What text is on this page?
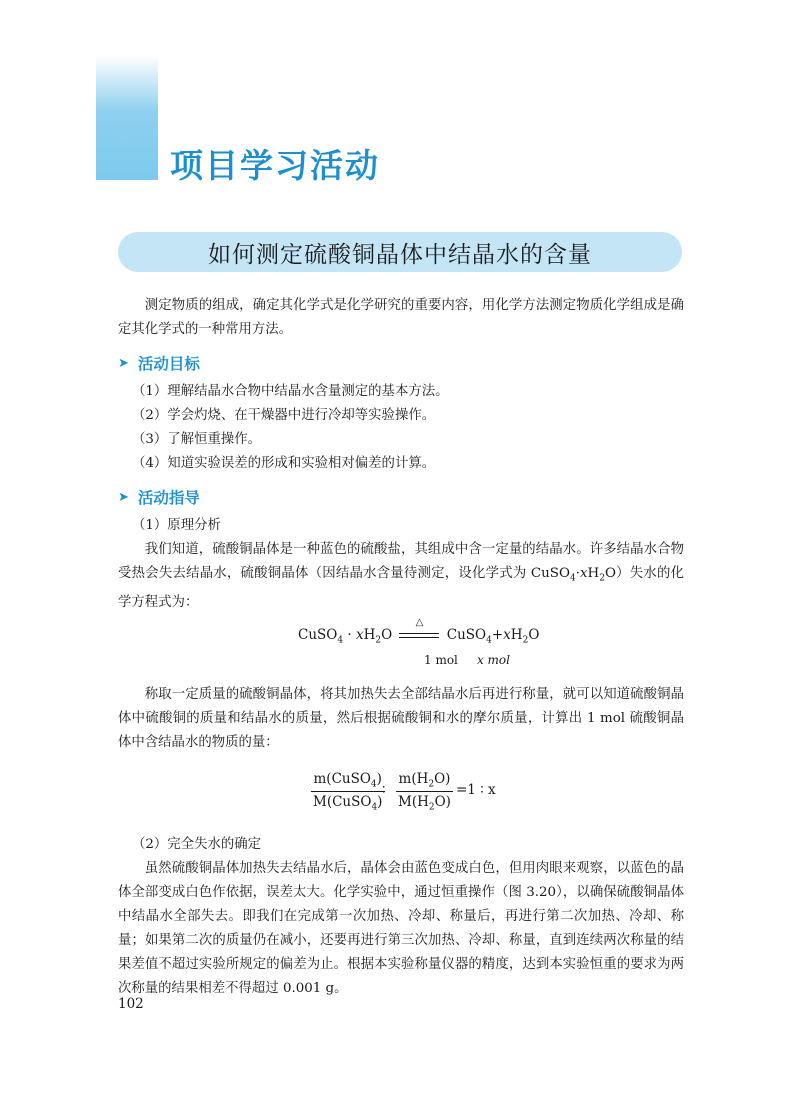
项目学习活动
如何测定硫酸铜晶体中结晶水的含量

测定物质的组成，确定其化学式是化学研究的重要内容，用化学方法测定物质化学组成是确定其化学式的一种常用方法。

➤ 活动目标
（1）理解结晶水合物中结晶水含量测定的基本方法。
（2）学会灼烧、在干燥器中进行冷却等实验操作。
（3）了解恒重操作。
（4）知道实验误差的形成和实验相对偏差的计算。
➤ 活动指导
（1）原理分析

我们知道，硫酸铜晶体是一种蓝色的硫酸盐，其组成中含一定量的结晶水。许多结晶水合物受热会失去结晶水，硫酸铜晶体（因结晶水含量待测定，设化学式为 $CuSO_4\cdot xH_2O$）失水的化学方程式为：

CuSO$_4$ · $xH_2O$
△
$CuSO_4+xH_2O$
1 mol x mol

称取一定质量的硫酸铜晶体，将其加热失去全部结晶水后再进行称量，就可以知道硫酸铜晶体中硫酸铜的质量和结晶水的质量，然后根据硫酸铜和水的摩尔质量，计算出 1 mol 硫酸铜晶体中含结晶水的物质的量：

m(CuSO$_4$)
M(CuSO$_4$)
∶ $\frac{m(H_2O)}{M(H_2O)} =1$ ∶ x
（2）完全失水的确定

虽然硫酸铜晶体加热失去结晶水后，晶体会由蓝色变成白色，但用肉眼来观察，以蓝色的晶体全部变成白色作依据，误差太大。化学实验中，通过恒重操作（图 3.20），以确保硫酸铜晶体中结晶水全部失去。即我们在完成第一次加热、冷却、称量后，再进行第二次加热、冷却、称量；如果第二次的质量仍在减小，还要再进行第三次加热、冷却、称量，直到连续两次称量的结果差值不超过实验所规定的偏差为止。根据本实验称量仪器的精度，达到本实验恒重的要求为两次称量的结果相差不得超过 0.001 g。

102
